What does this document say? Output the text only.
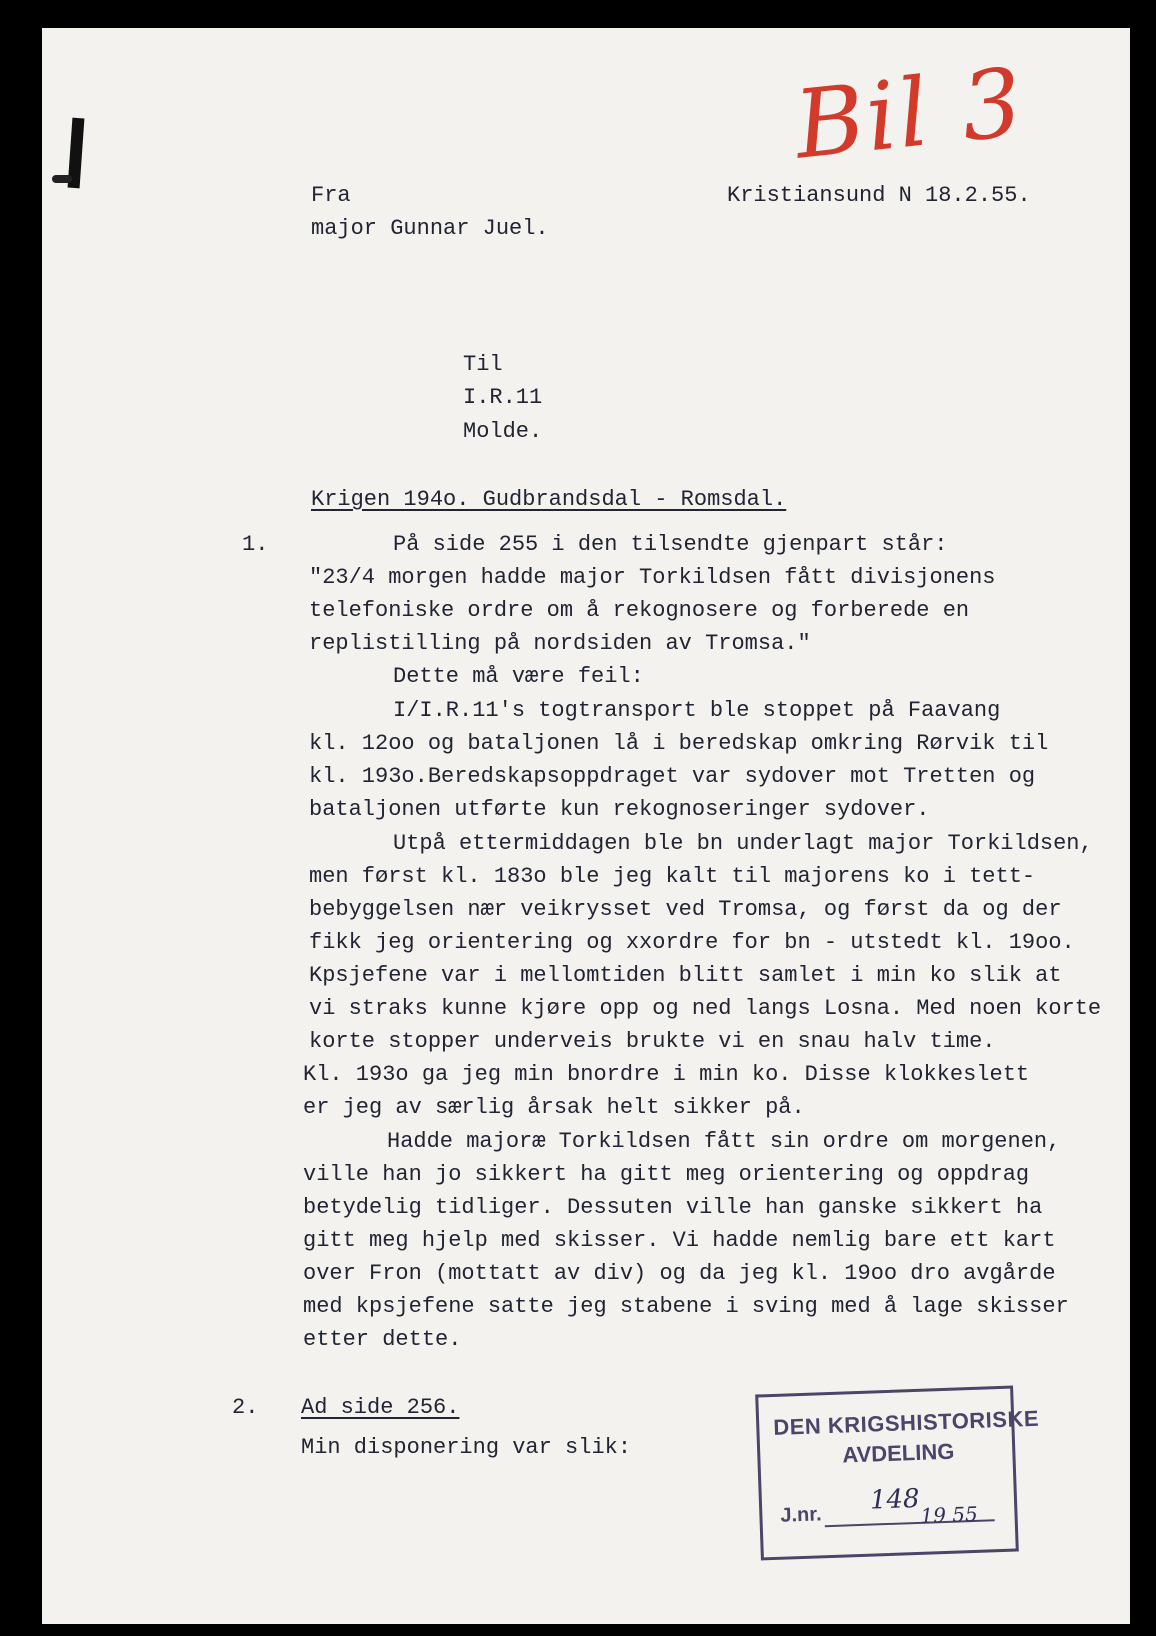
Bil 3
Fra
major Gunnar Juel.
Kristiansund N 18.2.55.
Til
I.R.11
Molde.
Krigen 194o. Gudbrandsdal - Romsdal.
1.	På side 255 i den tilsendte gjenpart står:
"23/4 morgen hadde major Torkildsen fått divisjonens
telefoniske ordre om å rekognosere og forberede en
replistilling på nordsiden av Tromsa."
Dette må være feil:
I/I.R.11's togtransport ble stoppet på Faavang
kl. 12oo og bataljonen lå i beredskap omkring Rørvik til
kl. 193o.Beredskapsoppdraget var sydover mot Tretten og
bataljonen utførte kun rekognoseringer sydover.
Utpå ettermiddagen ble bn underlagt major Torkildsen,
men først kl. 183o ble jeg kalt til majorens ko i tett-
bebyggelsen nær veikrysset ved Tromsa, og først da og der
fikk jeg orientering og xxordre for bn - utstedt kl. 19oo.
Kpsjefene var i mellomtiden blitt samlet i min ko slik at
vi straks kunne kjøre opp og ned langs Losna. Med noen korte
korte stopper underveis brukte vi en snau halv time.
Kl. 193o ga jeg min bnordre i min ko. Disse klokkeslett
er jeg av særlig årsak helt sikker på.
Hadde majoræ Torkildsen fått sin ordre om morgenen,
ville han jo sikkert ha gitt meg orientering og oppdrag
betydelig tidliger. Dessuten ville han ganske sikkert ha
gitt meg hjelp med skisser. Vi hadde nemlig bare ett kart
over Fron (mottatt av div) og da jeg kl. 19oo dro avgårde
med kpsjefene satte jeg stabene i sving med å lage skisser
etter dette.
2. Ad side 256.
Min disponering var slik:
DEN KRIGSHISTORISKE
AVDELING
J.nr. 148 19 55
